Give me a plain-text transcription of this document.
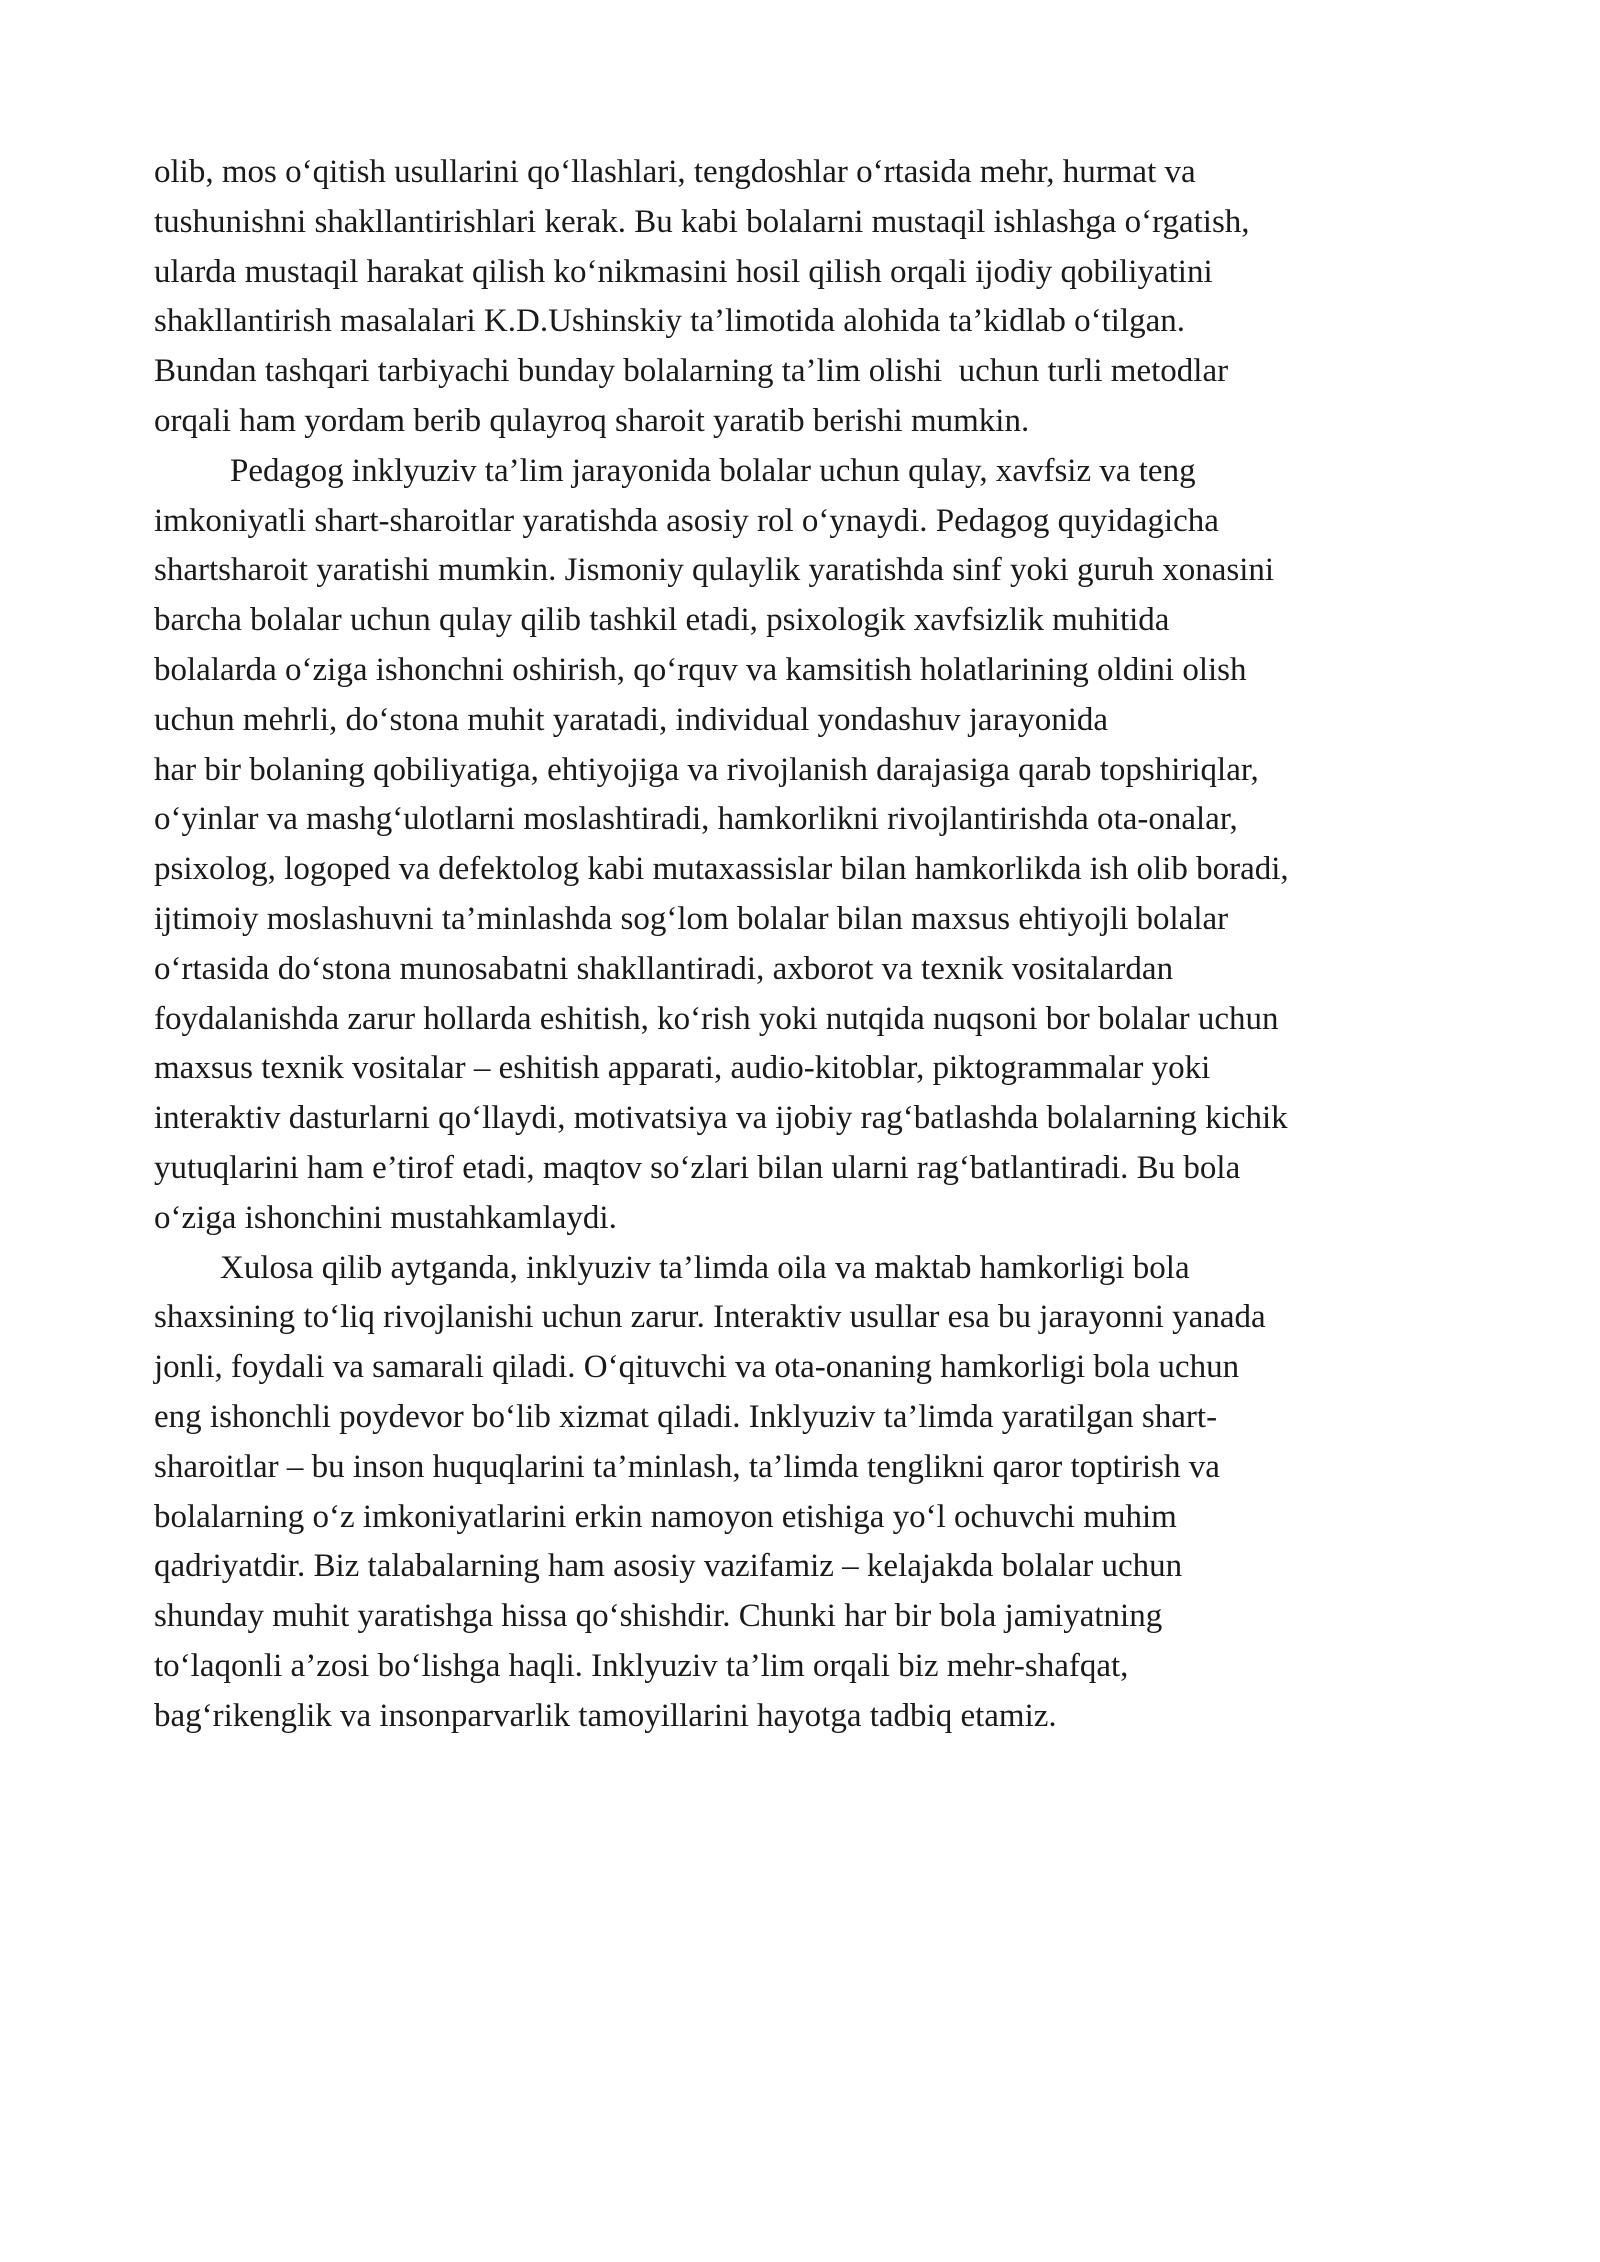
olib, mos o‘qitish usullarini qo‘llashlari, tengdoshlar o‘rtasida mehr, hurmat va
tushunishni shakllantirishlari kerak. Bu kabi bolalarni mustaqil ishlashga o‘rgatish,
ularda mustaqil harakat qilish ko‘nikmasini hosil qilish orqali ijodiy qobiliyatini
shakllantirish masalalari K.D.Ushinskiy ta’limotida alohida ta’kidlab o‘tilgan.
Bundan tashqari tarbiyachi bunday bolalarning ta’lim olishi  uchun turli metodlar
orqali ham yordam berib qulayroq sharoit yaratib berishi mumkin.
Pedagog inklyuziv ta’lim jarayonida bolalar uchun qulay, xavfsiz va teng
imkoniyatli shart-sharoitlar yaratishda asosiy rol o‘ynaydi. Pedagog quyidagicha
shartsharoit yaratishi mumkin. Jismoniy qulaylik yaratishda sinf yoki guruh xonasini
barcha bolalar uchun qulay qilib tashkil etadi, psixologik xavfsizlik muhitida
bolalarda o‘ziga ishonchni oshirish, qo‘rquv va kamsitish holatlarining oldini olish
uchun mehrli, do‘stona muhit yaratadi, individual yondashuv jarayonida
har bir bolaning qobiliyatiga, ehtiyojiga va rivojlanish darajasiga qarab topshiriqlar,
o‘yinlar va mashg‘ulotlarni moslashtiradi, hamkorlikni rivojlantirishda ota-onalar,
psixolog, logoped va defektolog kabi mutaxassislar bilan hamkorlikda ish olib boradi,
ijtimoiy moslashuvni ta’minlashda sog‘lom bolalar bilan maxsus ehtiyojli bolalar
o‘rtasida do‘stona munosabatni shakllantiradi, axborot va texnik vositalardan
foydalanishda zarur hollarda eshitish, ko‘rish yoki nutqida nuqsoni bor bolalar uchun
maxsus texnik vositalar – eshitish apparati, audio-kitoblar, piktogrammalar yoki
interaktiv dasturlarni qo‘llaydi, motivatsiya va ijobiy rag‘batlashda bolalarning kichik
yutuqlarini ham e’tirof etadi, maqtov so‘zlari bilan ularni rag‘batlantiradi. Bu bola
o‘ziga ishonchini mustahkamlaydi.
Xulosa qilib aytganda, inklyuziv ta’limda oila va maktab hamkorligi bola
shaxsining to‘liq rivojlanishi uchun zarur. Interaktiv usullar esa bu jarayonni yanada
jonli, foydali va samarali qiladi. O‘qituvchi va ota-onaning hamkorligi bola uchun
eng ishonchli poydevor bo‘lib xizmat qiladi. Inklyuziv ta’limda yaratilgan shart-
sharoitlar – bu inson huquqlarini ta’minlash, ta’limda tenglikni qaror toptirish va
bolalarning o‘z imkoniyatlarini erkin namoyon etishiga yo‘l ochuvchi muhim
qadriyatdir. Biz talabalarning ham asosiy vazifamiz – kelajakda bolalar uchun
shunday muhit yaratishga hissa qo‘shishdir. Chunki har bir bola jamiyatning
to‘laqonli a’zosi bo‘lishga haqli. Inklyuziv ta’lim orqali biz mehr-shafqat,
bag‘rikenglik va insonparvarlik tamoyillarini hayotga tadbiq etamiz.
